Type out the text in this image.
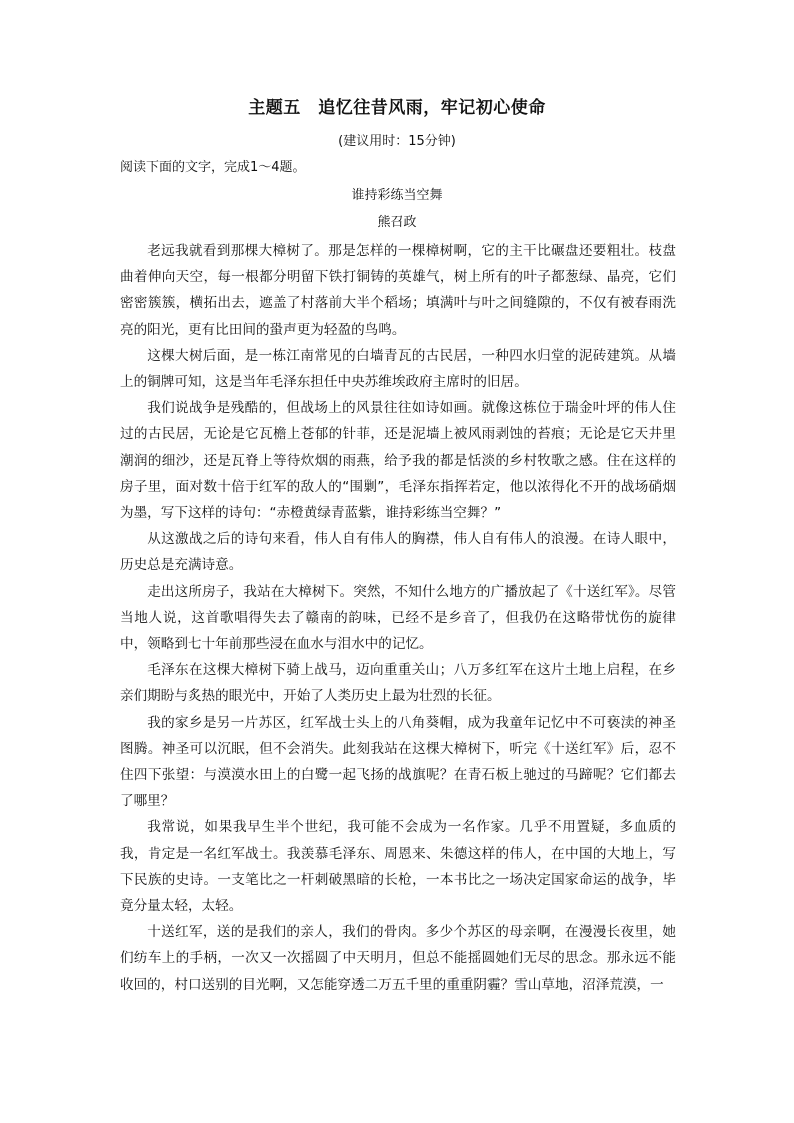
主题五　追忆往昔风雨，牢记初心使命
(建议用时：15分钟)
阅读下面的文字，完成1～4题。
谁持彩练当空舞
熊召政

老远我就看到那棵大樟树了。那是怎样的一棵樟树啊，它的主干比碾盘还要粗壮。枝盘曲着伸向天空，每一根都分明留下铁打铜铸的英雄气，树上所有的叶子都葱绿、晶亮，它们密密簇簇，横拓出去，遮盖了村落前大半个稻场；填满叶与叶之间缝隙的，不仅有被春雨洗亮的阳光，更有比田间的蛩声更为轻盈的鸟鸣。

这棵大树后面，是一栋江南常见的白墙青瓦的古民居，一种四水归堂的泥砖建筑。从墙上的铜牌可知，这是当年毛泽东担任中央苏维埃政府主席时的旧居。

我们说战争是残酷的，但战场上的风景往往如诗如画。就像这栋位于瑞金叶坪的伟人住过的古民居，无论是它瓦檐上苍郁的针菲，还是泥墙上被风雨剥蚀的苔痕；无论是它天井里潮润的细沙，还是瓦脊上等待炊烟的雨燕，给予我的都是恬淡的乡村牧歌之感。住在这样的房子里，面对数十倍于红军的敌人的“围剿”，毛泽东指挥若定，他以浓得化不开的战场硝烟为墨，写下这样的诗句：“赤橙黄绿青蓝紫，谁持彩练当空舞？”

从这激战之后的诗句来看，伟人自有伟人的胸襟，伟人自有伟人的浪漫。在诗人眼中，历史总是充满诗意。

走出这所房子，我站在大樟树下。突然，不知什么地方的广播放起了《十送红军》。尽管当地人说，这首歌唱得失去了赣南的韵味，已经不是乡音了，但我仍在这略带忧伤的旋律中，领略到七十年前那些浸在血水与泪水中的记忆。

毛泽东在这棵大樟树下骑上战马，迈向重重关山；八万多红军在这片土地上启程，在乡亲们期盼与炙热的眼光中，开始了人类历史上最为壮烈的长征。

我的家乡是另一片苏区，红军战士头上的八角葵帽，成为我童年记忆中不可亵渎的神圣图腾。神圣可以沉眠，但不会消失。此刻我站在这棵大樟树下，听完《十送红军》后，忍不住四下张望：与漠漠水田上的白鹭一起飞扬的战旗呢？在青石板上驰过的马蹄呢？它们都去了哪里？

我常说，如果我早生半个世纪，我可能不会成为一名作家。几乎不用置疑，多血质的我，肯定是一名红军战士。我羡慕毛泽东、周恩来、朱德这样的伟人，在中国的大地上，写下民族的史诗。一支笔比之一杆刺破黑暗的长枪，一本书比之一场决定国家命运的战争，毕竟分量太轻，太轻。

十送红军，送的是我们的亲人，我们的骨肉。多少个苏区的母亲啊，在漫漫长夜里，她们纺车上的手柄，一次又一次摇圆了中天明月，但总不能摇圆她们无尽的思念。那永远不能收回的，村口送别的目光啊，又怎能穿透二万五千里的重重阴霾？雪山草地，沼泽荒漠，一
